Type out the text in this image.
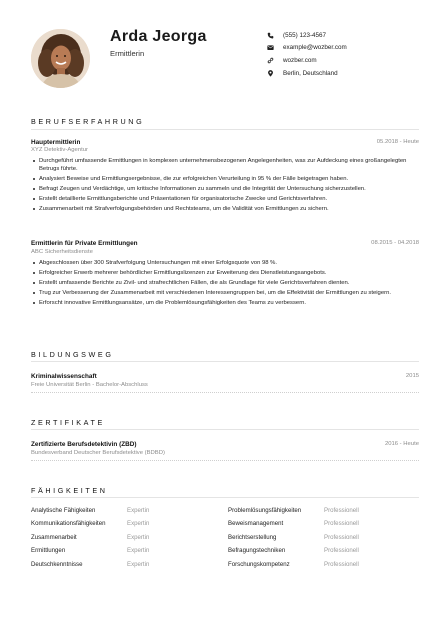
Arda Jeorga
Ermittlerin
(555) 123-4567
example@wozber.com
wozber.com
Berlin, Deutschland
BERUFSERFAHRUNG
Hauptermittlerin	05.2018 - Heute
XYZ Detektiv-Agentur
Durchgeführt umfassende Ermittlungen in komplexen unternehmensbezogenen Angelegenheiten, was zur Aufdeckung eines großangelegten Betrugs führte.
Analysiert Beweise und Ermittlungsergebnisse, die zur erfolgreichen Verurteilung in 95 % der Fälle beigetragen haben.
Befragt Zeugen und Verdächtige, um kritische Informationen zu sammeln und die Integrität der Untersuchung sicherzustellen.
Erstellt detaillierte Ermittlungsberichte und Präsentationen für organisatorische Zwecke und Gerichtsverfahren.
Zusammenarbeit mit Strafverfolgungsbehörden und Rechtsteams, um die Validität von Ermittlungen zu sichern.
Ermittlerin für Private Ermittlungen	08.2015 - 04.2018
ABC Sicherheitsdienste
Abgeschlossen über 300 Strafverfolgung Untersuchungen mit einer Erfolgsquote von 98 %.
Erfolgreicher Erwerb mehrerer behördlicher Ermittlungslizenzen zur Erweiterung des Dienstleistungsangebots.
Erstellt umfassende Berichte zu Zivil- und strafrechtlichen Fällen, die als Grundlage für viele Gerichtsverfahren dienten.
Trug zur Verbesserung der Zusammenarbeit mit verschiedenen Interessengruppen bei, um die Effektivität der Ermittlungen zu steigern.
Erforscht innovative Ermittlungsansätze, um die Problemlösungsfähigkeiten des Teams zu verbessern.
BILDUNGSWEG
Kriminalwissenschaft	2015
Freie Universität Berlin - Bachelor-Abschluss
ZERTIFIKATE
Zertifizierte Berufsdetektivin (ZBD)	2016 - Heute
Bundesverband Deutscher Berufsdetektive (BDBD)
FÄHIGKEITEN
Analytische Fähigkeiten	Expertin
Kommunikationsfähigkeiten	Expertin
Zusammenarbeit	Expertin
Ermittlungen	Expertin
Deutschkenntnisse	Expertin
Problemlösungsfähigkeiten	Professionell
Beweismanagement	Professionell
Berichtserstellung	Professionell
Befragungstechniken	Professionell
Forschungskompetenz	Professionell
